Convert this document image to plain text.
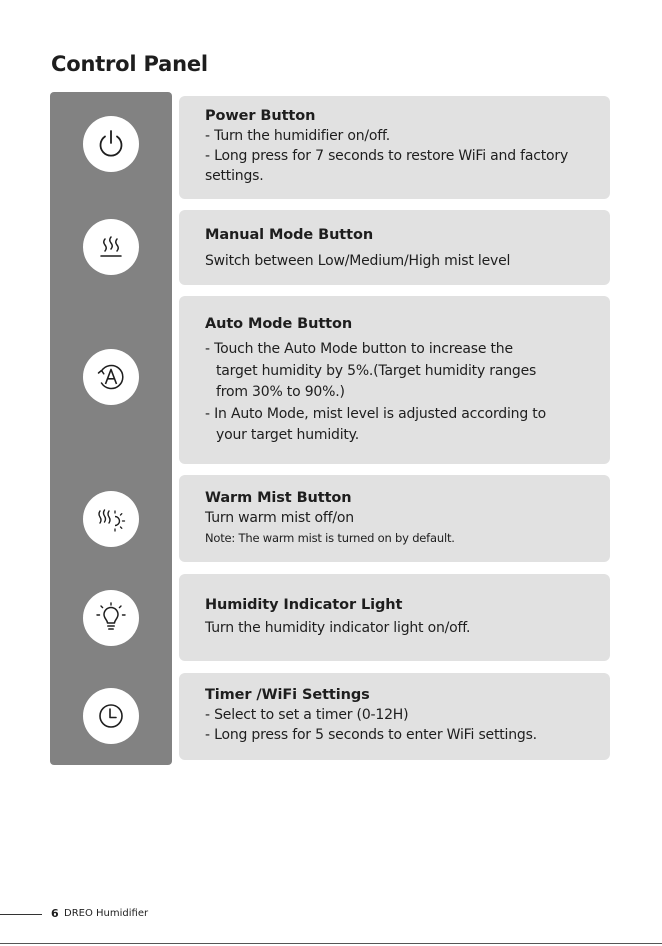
Control Panel
Power Button
- Turn the humidifier on/off.
- Long press for 7 seconds to restore WiFi and factory
settings.
Manual Mode Button
Switch between Low/Medium/High mist level
Auto Mode Button
- Touch the Auto Mode button to increase the
target humidity by 5%.(Target humidity ranges
from 30% to 90%.)
- In Auto Mode, mist level is adjusted according to
your target humidity.
Warm Mist Button
Turn warm mist off/on
Note: The warm mist is turned on by default.
Humidity Indicator Light
Turn the humidity indicator light on/off.
Timer /WiFi Settings
- Select to set a timer (0-12H)
- Long press for 5 seconds to enter WiFi settings.
6 DREO Humidifier
